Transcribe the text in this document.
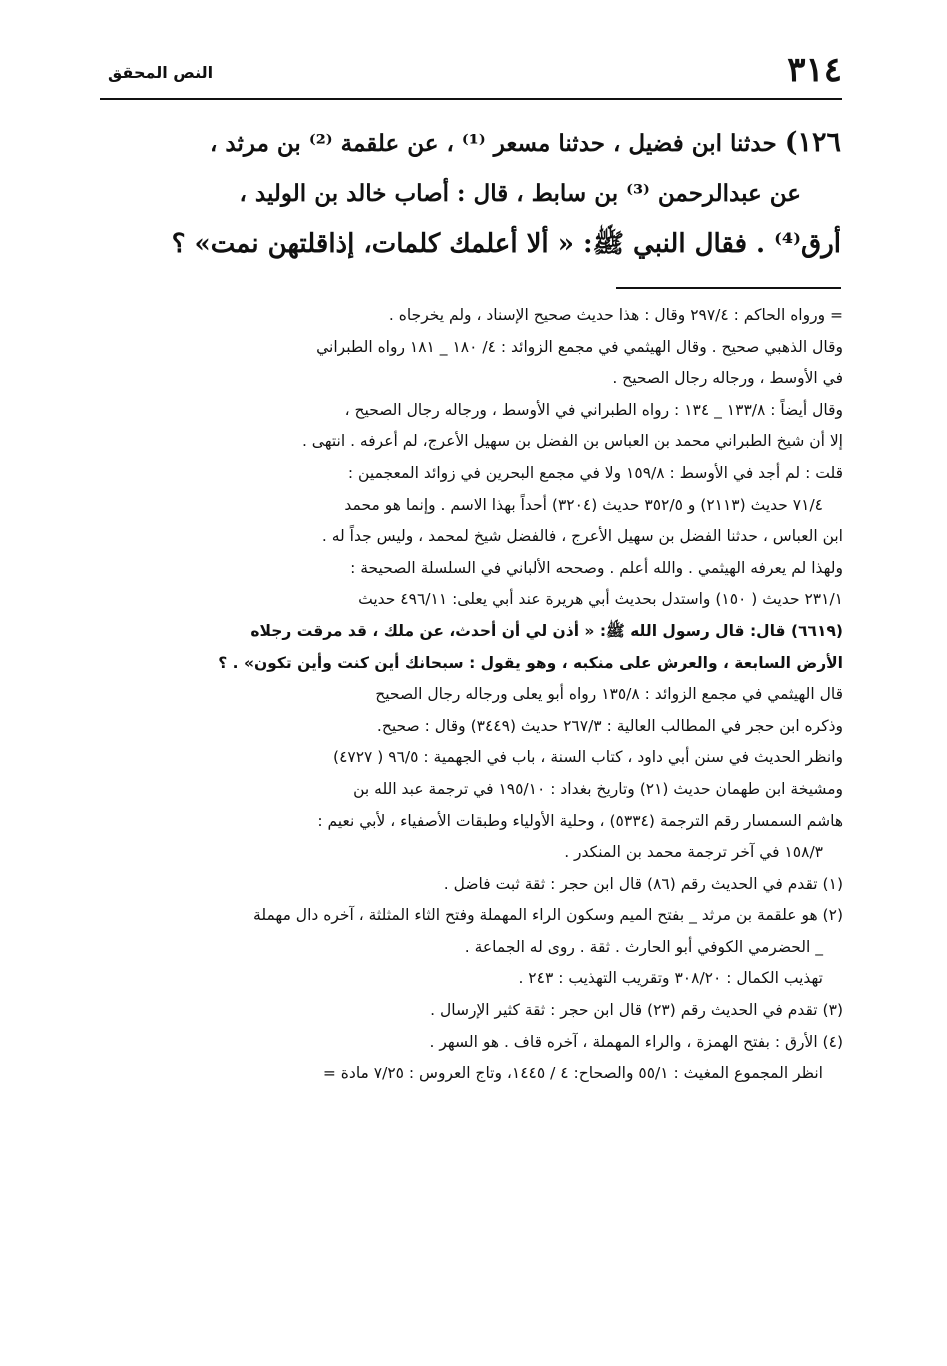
٣١٤
النص المحقق

١٢٦) حدثنا ابن فضيل ، حدثنا مسعر ⁽¹⁾ ، عن علقمة ⁽²⁾ بن مرثد ،

عن عبدالرحمن ⁽³⁾ بن سابط ، قال : أصاب خالد بن الوليد ،

أرق⁽⁴⁾ . فقال النبي ﷺ: « ألا أعلمك كلمات، إذاقلتهن نمت» ؟

= ورواه الحاكم : ٢٩٧/٤ وقال : هذا حديث صحيح الإسناد ، ولم يخرجاه .

وقال الذهبي صحيح . وقال الهيثمي في مجمع الزوائد : ٤/ ١٨٠ _ ١٨١ رواه الطبراني

في الأوسط ، ورجاله رجال الصحيح .

وقال أيضاً : ١٣٣/٨ _ ١٣٤ : رواه الطبراني في الأوسط ، ورجاله رجال الصحيح ،

إلا أن شيخ الطبراني محمد بن العباس بن الفضل بن سهيل الأعرج، لم أعرفه . انتهى .

قلت : لم أجد في الأوسط : ١٥٩/٨ ولا في مجمع البحرين في زوائد المعجمين :

٧١/٤ حديث (٢١١٣) و ٣٥٢/٥ حديث (٣٢٠٤) أحداً بهذا الاسم . وإنما هو محمد

ابن العباس ، حدثنا الفضل بن سهيل الأعرج ، فالفضل شيخ لمحمد ، وليس جداً له .

ولهذا لم يعرفه الهيثمي . والله أعلم . وصححه الألباني في السلسلة الصحيحة :

٢٣١/١ حديث ( ١٥٠) واستدل بحديث أبي هريرة عند أبي يعلى: ٤٩٦/١١ حديث

(٦٦١٩) قال: قال رسول الله ﷺ: « أذن لي أن أحدث، عن ملك ، قد مرقت رجلاه

الأرض السابعة ، والعرش على منكبه ، وهو يقول : سبحانك أين كنت وأين تكون» . ؟

قال الهيثمي في مجمع الزوائد : ١٣٥/٨ رواه أبو يعلى ورجاله رجال الصحيح

وذكره ابن حجر في المطالب العالية : ٢٦٧/٣ حديث (٣٤٤٩) وقال : صحيح.

وانظر الحديث في سنن أبي داود ، كتاب السنة ، باب في الجهمية : ٩٦/٥ ( ٤٧٢٧)

ومشيخة ابن طهمان حديث (٢١) وتاريخ بغداد : ١٩٥/١٠ في ترجمة عبد الله بن

هاشم السمسار رقم الترجمة (٥٣٣٤) ، وحلية الأولياء وطبقات الأصفياء ، لأبي نعيم :

١٥٨/٣ في آخر ترجمة محمد بن المنكدر .

(١) تقدم في الحديث رقم (٨٦) قال ابن حجر : ثقة ثبت فاضل .

(٢) هو علقمة بن مرثد _ بفتح الميم وسكون الراء المهملة وفتح الثاء المثلثة ، آخره دال مهملة

_ الحضرمي الكوفي أبو الحارث . ثقة . روى له الجماعة .

تهذيب الكمال : ٣٠٨/٢٠ وتقريب التهذيب : ٢٤٣ .

(٣) تقدم في الحديث رقم (٢٣) قال ابن حجر : ثقة كثير الإرسال .

(٤) الأرق : بفتح الهمزة ، والراء المهملة ، آخره قاف . هو السهر .

انظر المجموع المغيث : ٥٥/١ والصحاح: ٤ / ١٤٤٥، وتاج العروس : ٧/٢٥ مادة =
